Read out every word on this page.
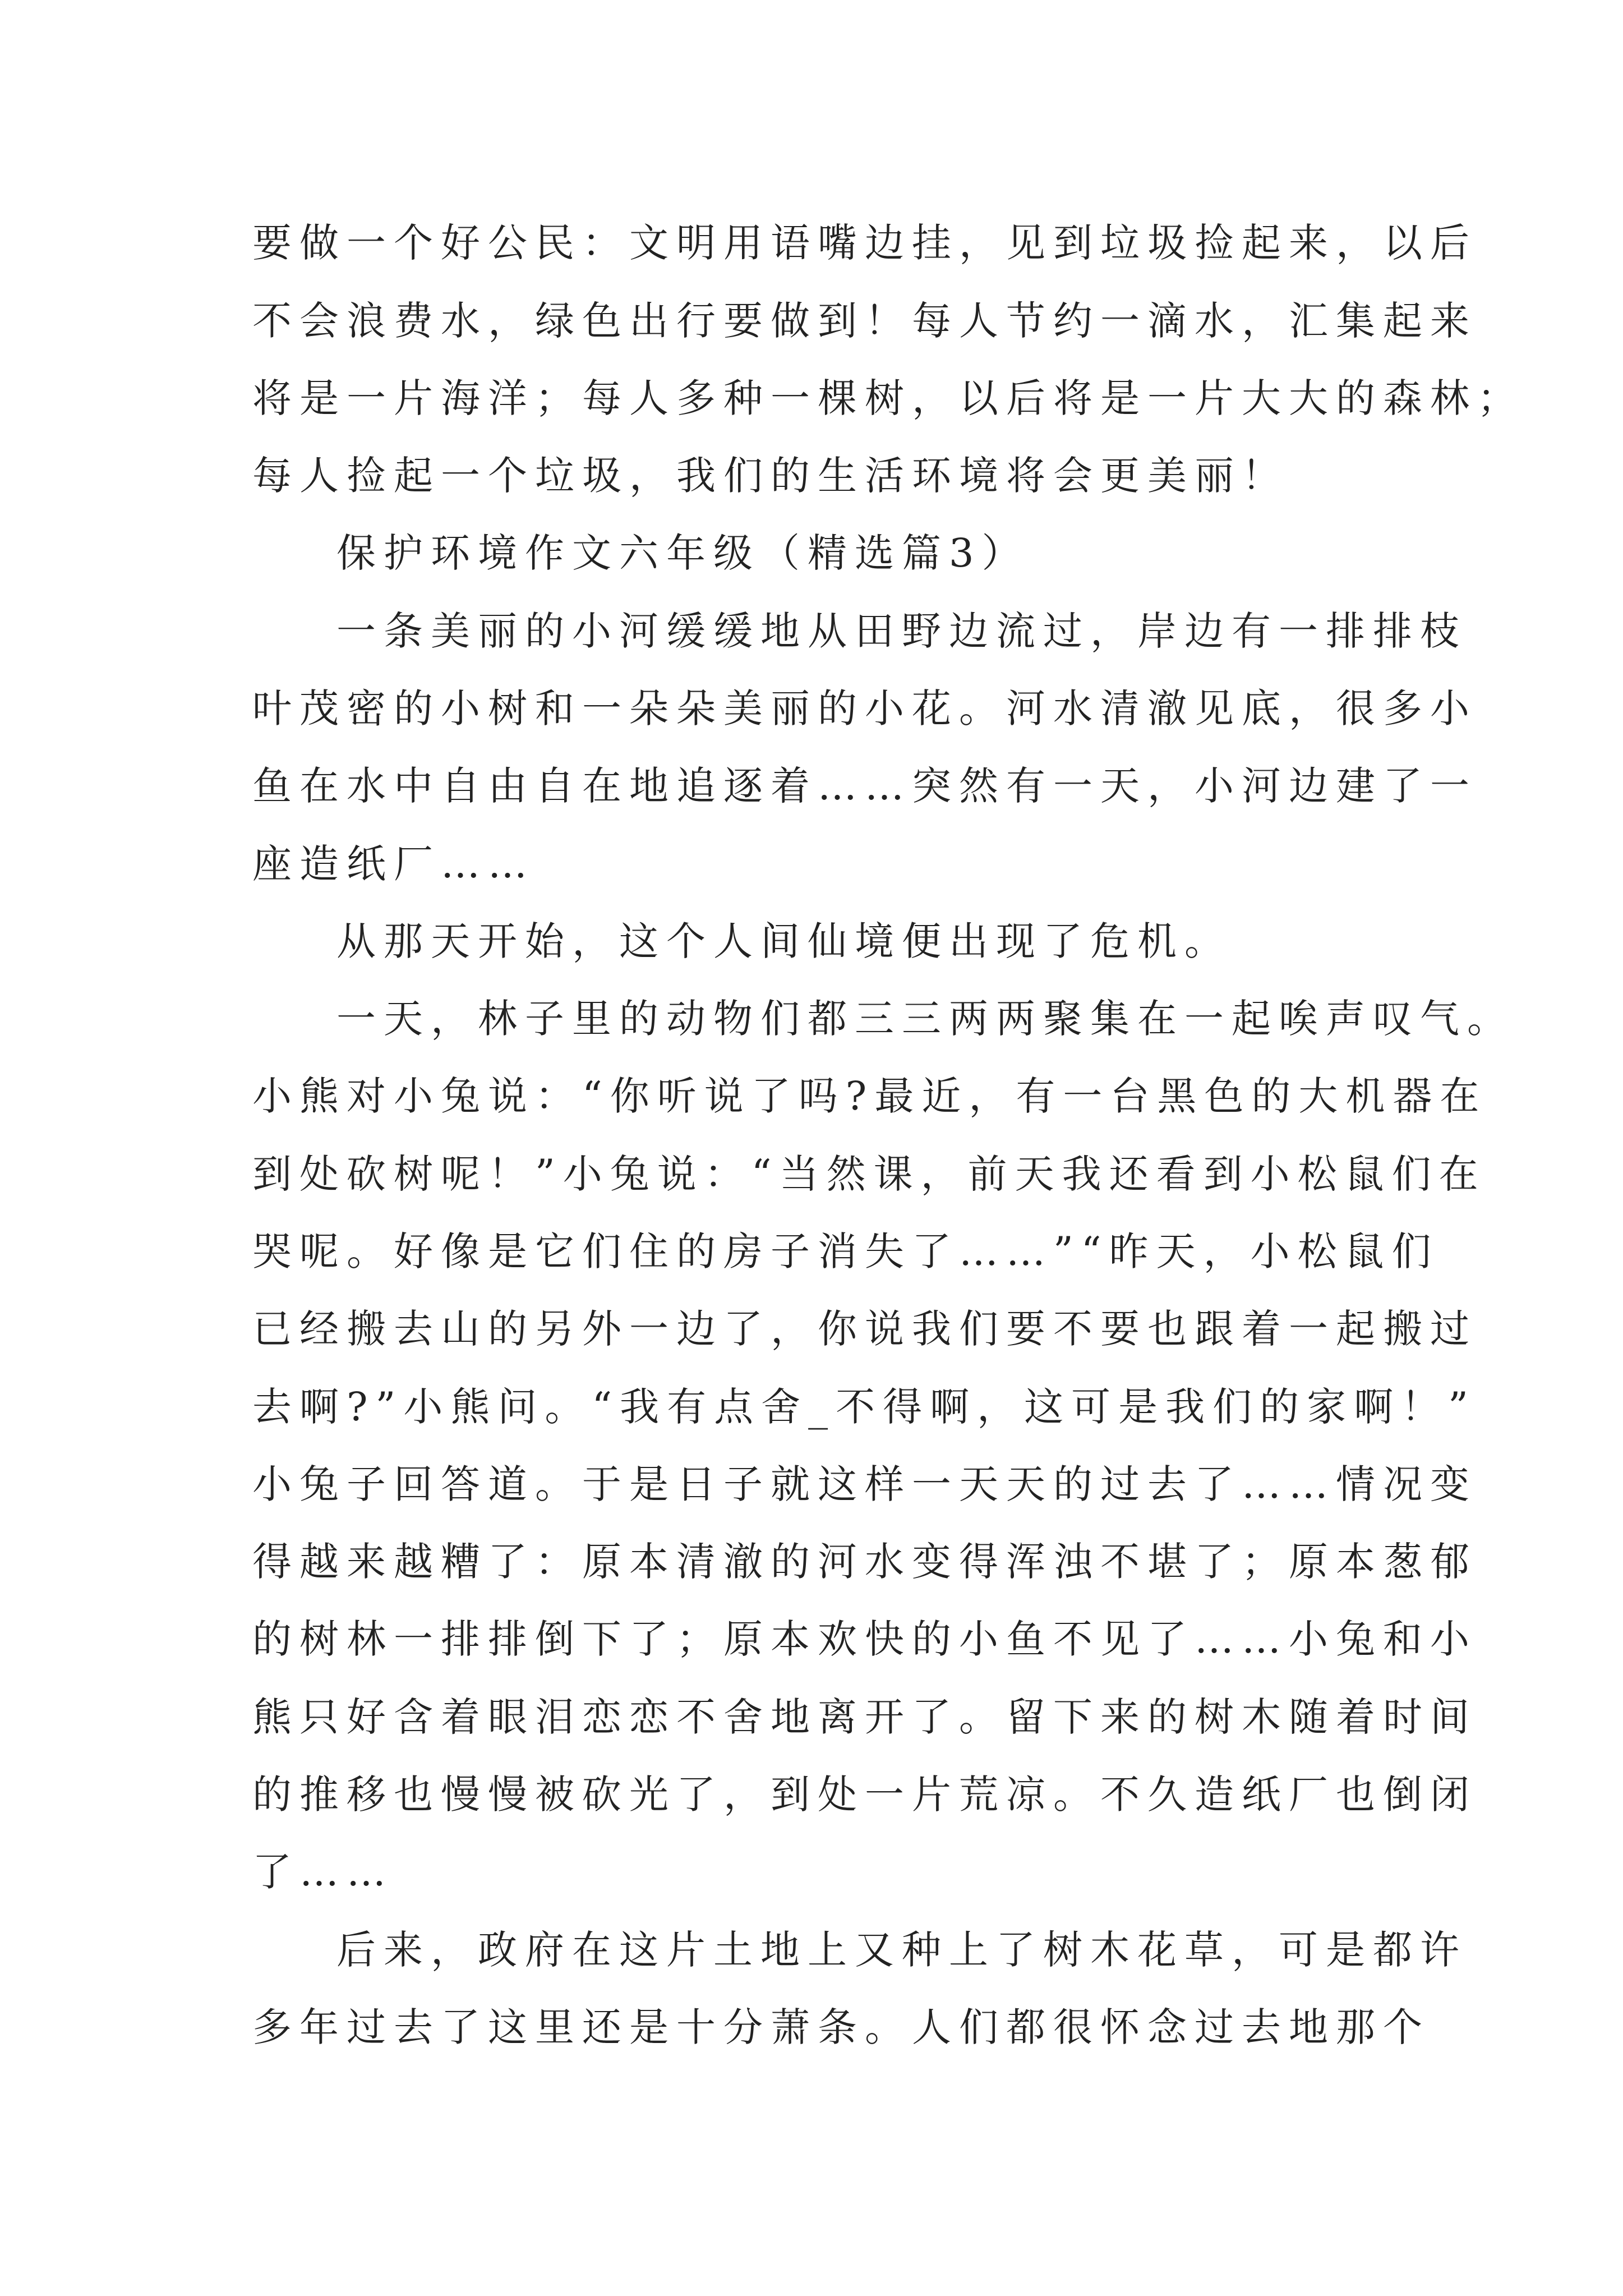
要做一个好公民：文明用语嘴边挂，见到垃圾捡起来，以后

不会浪费水，绿色出行要做到！每人节约一滴水，汇集起来

将是一片海洋；每人多种一棵树，以后将是一片大大的森林；

每人捡起一个垃圾，我们的生活环境将会更美丽！

保护环境作文六年级（精选篇3）

一条美丽的小河缓缓地从田野边流过，岸边有一排排枝

叶茂密的小树和一朵朵美丽的小花。河水清澈见底，很多小

鱼在水中自由自在地追逐着……突然有一天，小河边建了一

座造纸厂……

从那天开始，这个人间仙境便出现了危机。

一天，林子里的动物们都三三两两聚集在一起唉声叹气。

小熊对小兔说：“你听说了吗?最近，有一台黑色的大机器在

到处砍树呢！”小兔说：“当然课，前天我还看到小松鼠们在

哭呢。好像是它们住的房子消失了……”“昨天，小松鼠们

已经搬去山的另外一边了，你说我们要不要也跟着一起搬过

去啊?”小熊问。“我有点舍_不得啊，这可是我们的家啊！”

小兔子回答道。于是日子就这样一天天的过去了……情况变

得越来越糟了：原本清澈的河水变得浑浊不堪了；原本葱郁

的树林一排排倒下了；原本欢快的小鱼不见了……小兔和小

熊只好含着眼泪恋恋不舍地离开了。留下来的树木随着时间

的推移也慢慢被砍光了，到处一片荒凉。不久造纸厂也倒闭

了……

后来，政府在这片土地上又种上了树木花草，可是都许

多年过去了这里还是十分萧条。人们都很怀念过去地那个
